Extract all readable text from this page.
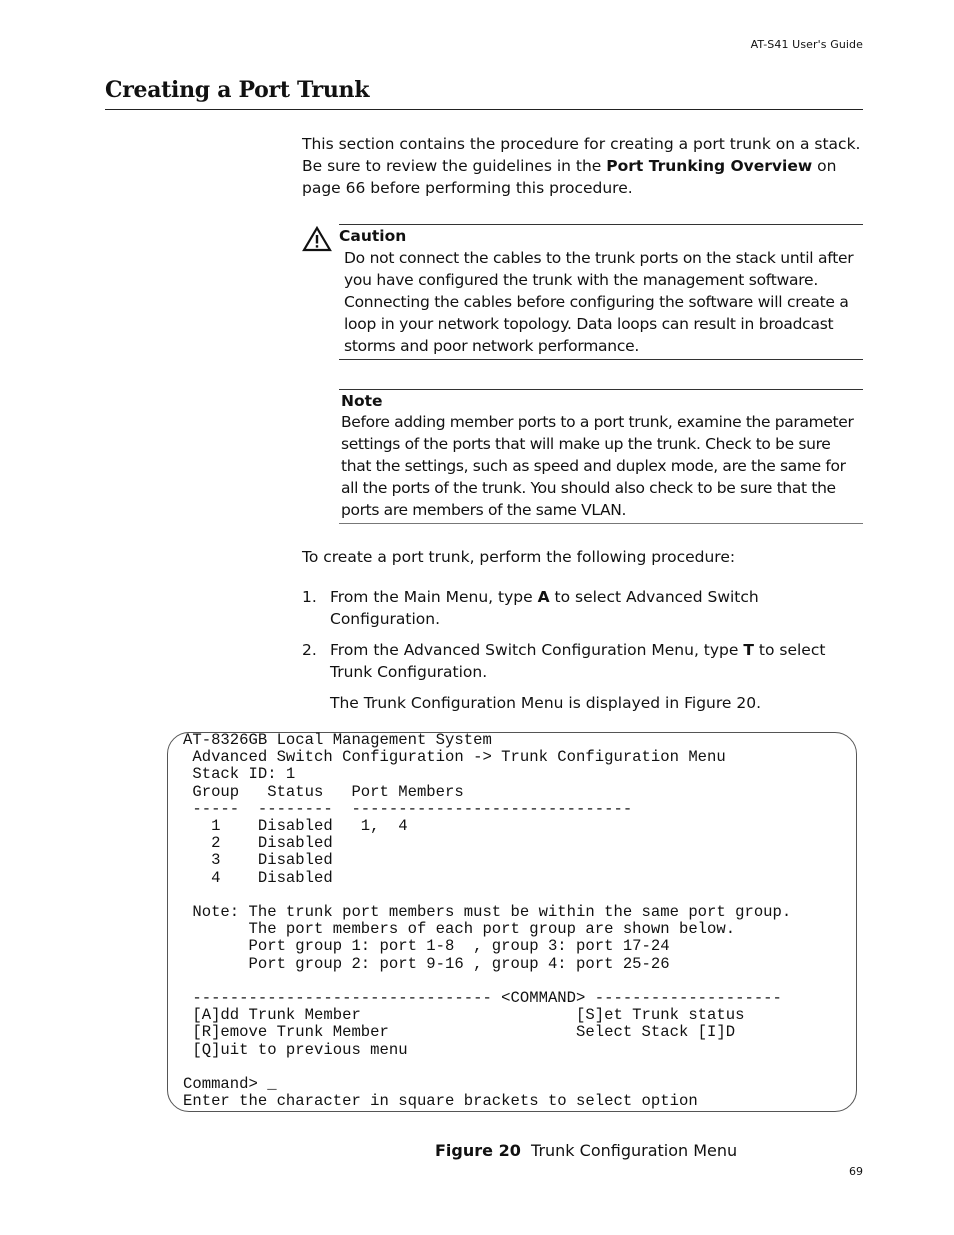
AT-S41 User's Guide
Creating a Port Trunk
This section contains the procedure for creating a port trunk on a stack. Be sure to review the guidelines in the Port Trunking Overview on page 66 before performing this procedure.
Caution
Do not connect the cables to the trunk ports on the stack until after you have configured the trunk with the management software. Connecting the cables before configuring the software will create a loop in your network topology. Data loops can result in broadcast storms and poor network performance.
Note
Before adding member ports to a port trunk, examine the parameter settings of the ports that will make up the trunk. Check to be sure that the settings, such as speed and duplex mode, are the same for all the ports of the trunk. You should also check to be sure that the ports are members of the same VLAN.
To create a port trunk, perform the following procedure:
1. From the Main Menu, type A to select Advanced Switch Configuration.
2. From the Advanced Switch Configuration Menu, type T to select Trunk Configuration.
The Trunk Configuration Menu is displayed in Figure 20.
AT-8326GB Local Management System
Advanced Switch Configuration -> Trunk Configuration Menu
Stack ID: 1
Group   Status   Port Members
-----  --------  ------------------------------
1    Disabled   1,  4
2    Disabled
3    Disabled
4    Disabled
Note: The trunk port members must be within the same port group.
The port members of each port group are shown below.
Port group 1: port 1-8  , group 3: port 17-24
Port group 2: port 9-16 , group 4: port 25-26
-------------------------------- <COMMAND> --------------------
[A]dd Trunk Member                       [S]et Trunk status
[R]emove Trunk Member                    Select Stack [I]D
[Q]uit to previous menu
Command> _
Enter the character in square brackets to select option
Figure 20 Trunk Configuration Menu
69
